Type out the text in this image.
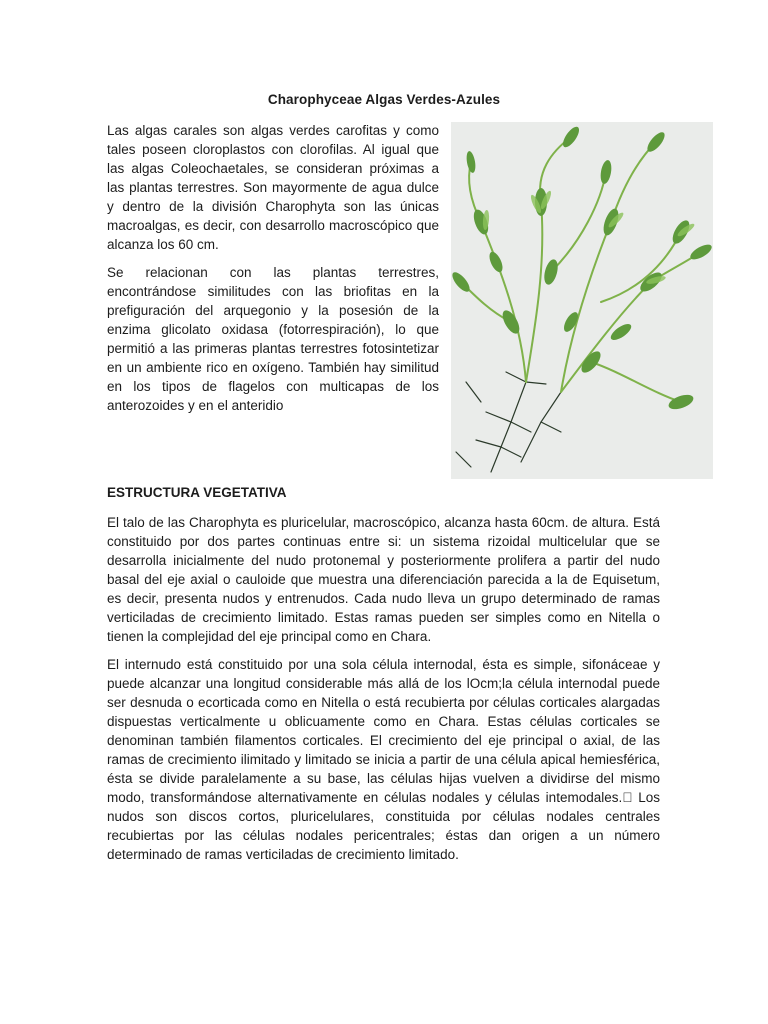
Charophyceae Algas Verdes-Azules

Las algas carales son algas verdes carofitas y como tales poseen cloroplastos con clorofilas. Al igual que las algas Coleochaetales, se consideran próximas a las plantas terrestres. Son mayormente de agua dulce y dentro de la división Charophyta son las únicas macroalgas, es decir, con desarrollo macroscópico que alcanza los 60 cm.

Se relacionan con las plantas terrestres, encontrándose similitudes con las briofitas en la prefiguración del arquegonio y la posesión de la enzima glicolato oxidasa (fotorrespiración), lo que permitió a las primeras plantas terrestres fotosintetizar en un ambiente rico en oxígeno. También hay similitud en los tipos de flagelos con multicapas de los anterozoides y en el anteridio

ESTRUCTURA VEGETATIVA

El talo de las Charophyta es pluricelular, macroscópico, alcanza hasta 60cm. de altura. Está constituido por dos partes continuas entre si: un sistema rizoidal multicelular que se desarrolla inicialmente del nudo protonemal y posteriormente prolifera a partir del nudo basal del eje axial o cauloide que muestra una diferenciación parecida a la de Equisetum, es decir, presenta nudos y entrenudos. Cada nudo lleva un grupo determinado de ramas verticiladas de crecimiento limitado. Estas ramas pueden ser simples como en Nitella o tienen la complejidad del eje principal como en Chara.

El internudo está constituido por una sola célula internodal, ésta es simple, sifonáceae y puede alcanzar una longitud considerable más allá de los lOcm;la célula internodal puede ser desnuda o ecorticada como en Nitella o está recubierta por células corticales alargadas dispuestas verticalmente u oblicuamente como en Chara. Estas células corticales se denominan también filamentos corticales. El crecimiento del eje principal o axial, de las ramas de crecimiento ilimitado y limitado se inicia a partir de una célula apical hemiesférica, ésta se divide paralelamente a su base, las células hijas vuelven a dividirse del mismo modo, transformándose alternativamente en células nodales y células intemodales. Los nudos son discos cortos, pluricelulares, constituida por células nodales centrales recubiertas por las células nodales pericentrales; éstas dan origen a un número determinado de ramas verticiladas de crecimiento limitado.
